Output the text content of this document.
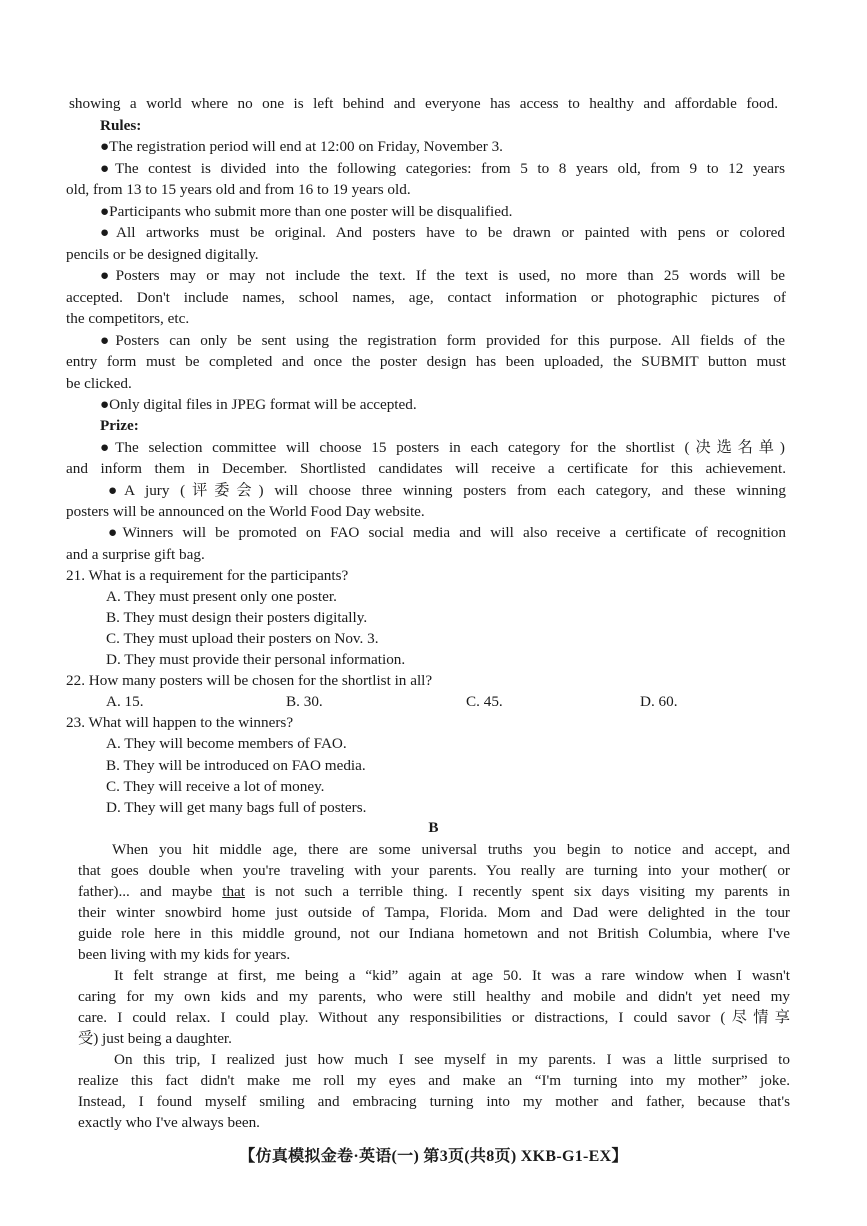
showing a world where no one is left behind and everyone has access to healthy and affordable food.
Rules:
●The registration period will end at 12:00 on Friday, November 3.
●The contest is divided into the following categories: from 5 to 8 years old, from 9 to 12 years
old, from 13 to 15 years old and from 16 to 19 years old.
●Participants who submit more than one poster will be disqualified.
●All artworks must be original. And posters have to be drawn or painted with pens or colored
pencils or be designed digitally.
●Posters may or may not include the text. If the text is used, no more than 25 words will be
accepted. Don't include names, school names, age, contact information or photographic pictures of
the competitors, etc.
●Posters can only be sent using the registration form provided for this purpose. All fields of the
entry form must be completed and once the poster design has been uploaded, the SUBMIT button must
be clicked.
●Only digital files in JPEG format will be accepted.
Prize:
●The selection committee will choose 15 posters in each category for the shortlist (决选名单)
and inform them in December. Shortlisted candidates will receive a certificate for this achievement.
●A jury (评委会) will choose three winning posters from each category, and these winning
posters will be announced on the World Food Day website.
●Winners will be promoted on FAO social media and will also receive a certificate of recognition
and a surprise gift bag.
21. What is a requirement for the participants?
A. They must present only one poster.
B. They must design their posters digitally.
C. They must upload their posters on Nov. 3.
D. They must provide their personal information.
22. How many posters will be chosen for the shortlist in all?
A. 15.	B. 30.	C. 45.	D. 60.
23. What will happen to the winners?
A. They will become members of FAO.
B. They will be introduced on FAO media.
C. They will receive a lot of money.
D. They will get many bags full of posters.
B
When you hit middle age, there are some universal truths you begin to notice and accept, and
that goes double when you're traveling with your parents. You really are turning into your mother( or
father)... and maybe that is not such a terrible thing. I recently spent six days visiting my parents in
their winter snowbird home just outside of Tampa, Florida. Mom and Dad were delighted in the tour
guide role here in this middle ground, not our Indiana hometown and not British Columbia, where I've
been living with my kids for years.
It felt strange at first, me being a “kid” again at age 50. It was a rare window when I wasn't
caring for my own kids and my parents, who were still healthy and mobile and didn't yet need my
care. I could relax. I could play. Without any responsibilities or distractions, I could savor (尽情享
受) just being a daughter.
On this trip, I realized just how much I see myself in my parents. I was a little surprised to
realize this fact didn't make me roll my eyes and make an “I'm turning into my mother” joke.
Instead, I found myself smiling and embracing turning into my mother and father, because that's
exactly who I've always been.
【仿真模拟金卷·英语(一) 第3页(共8页) XKB-G1-EX】
